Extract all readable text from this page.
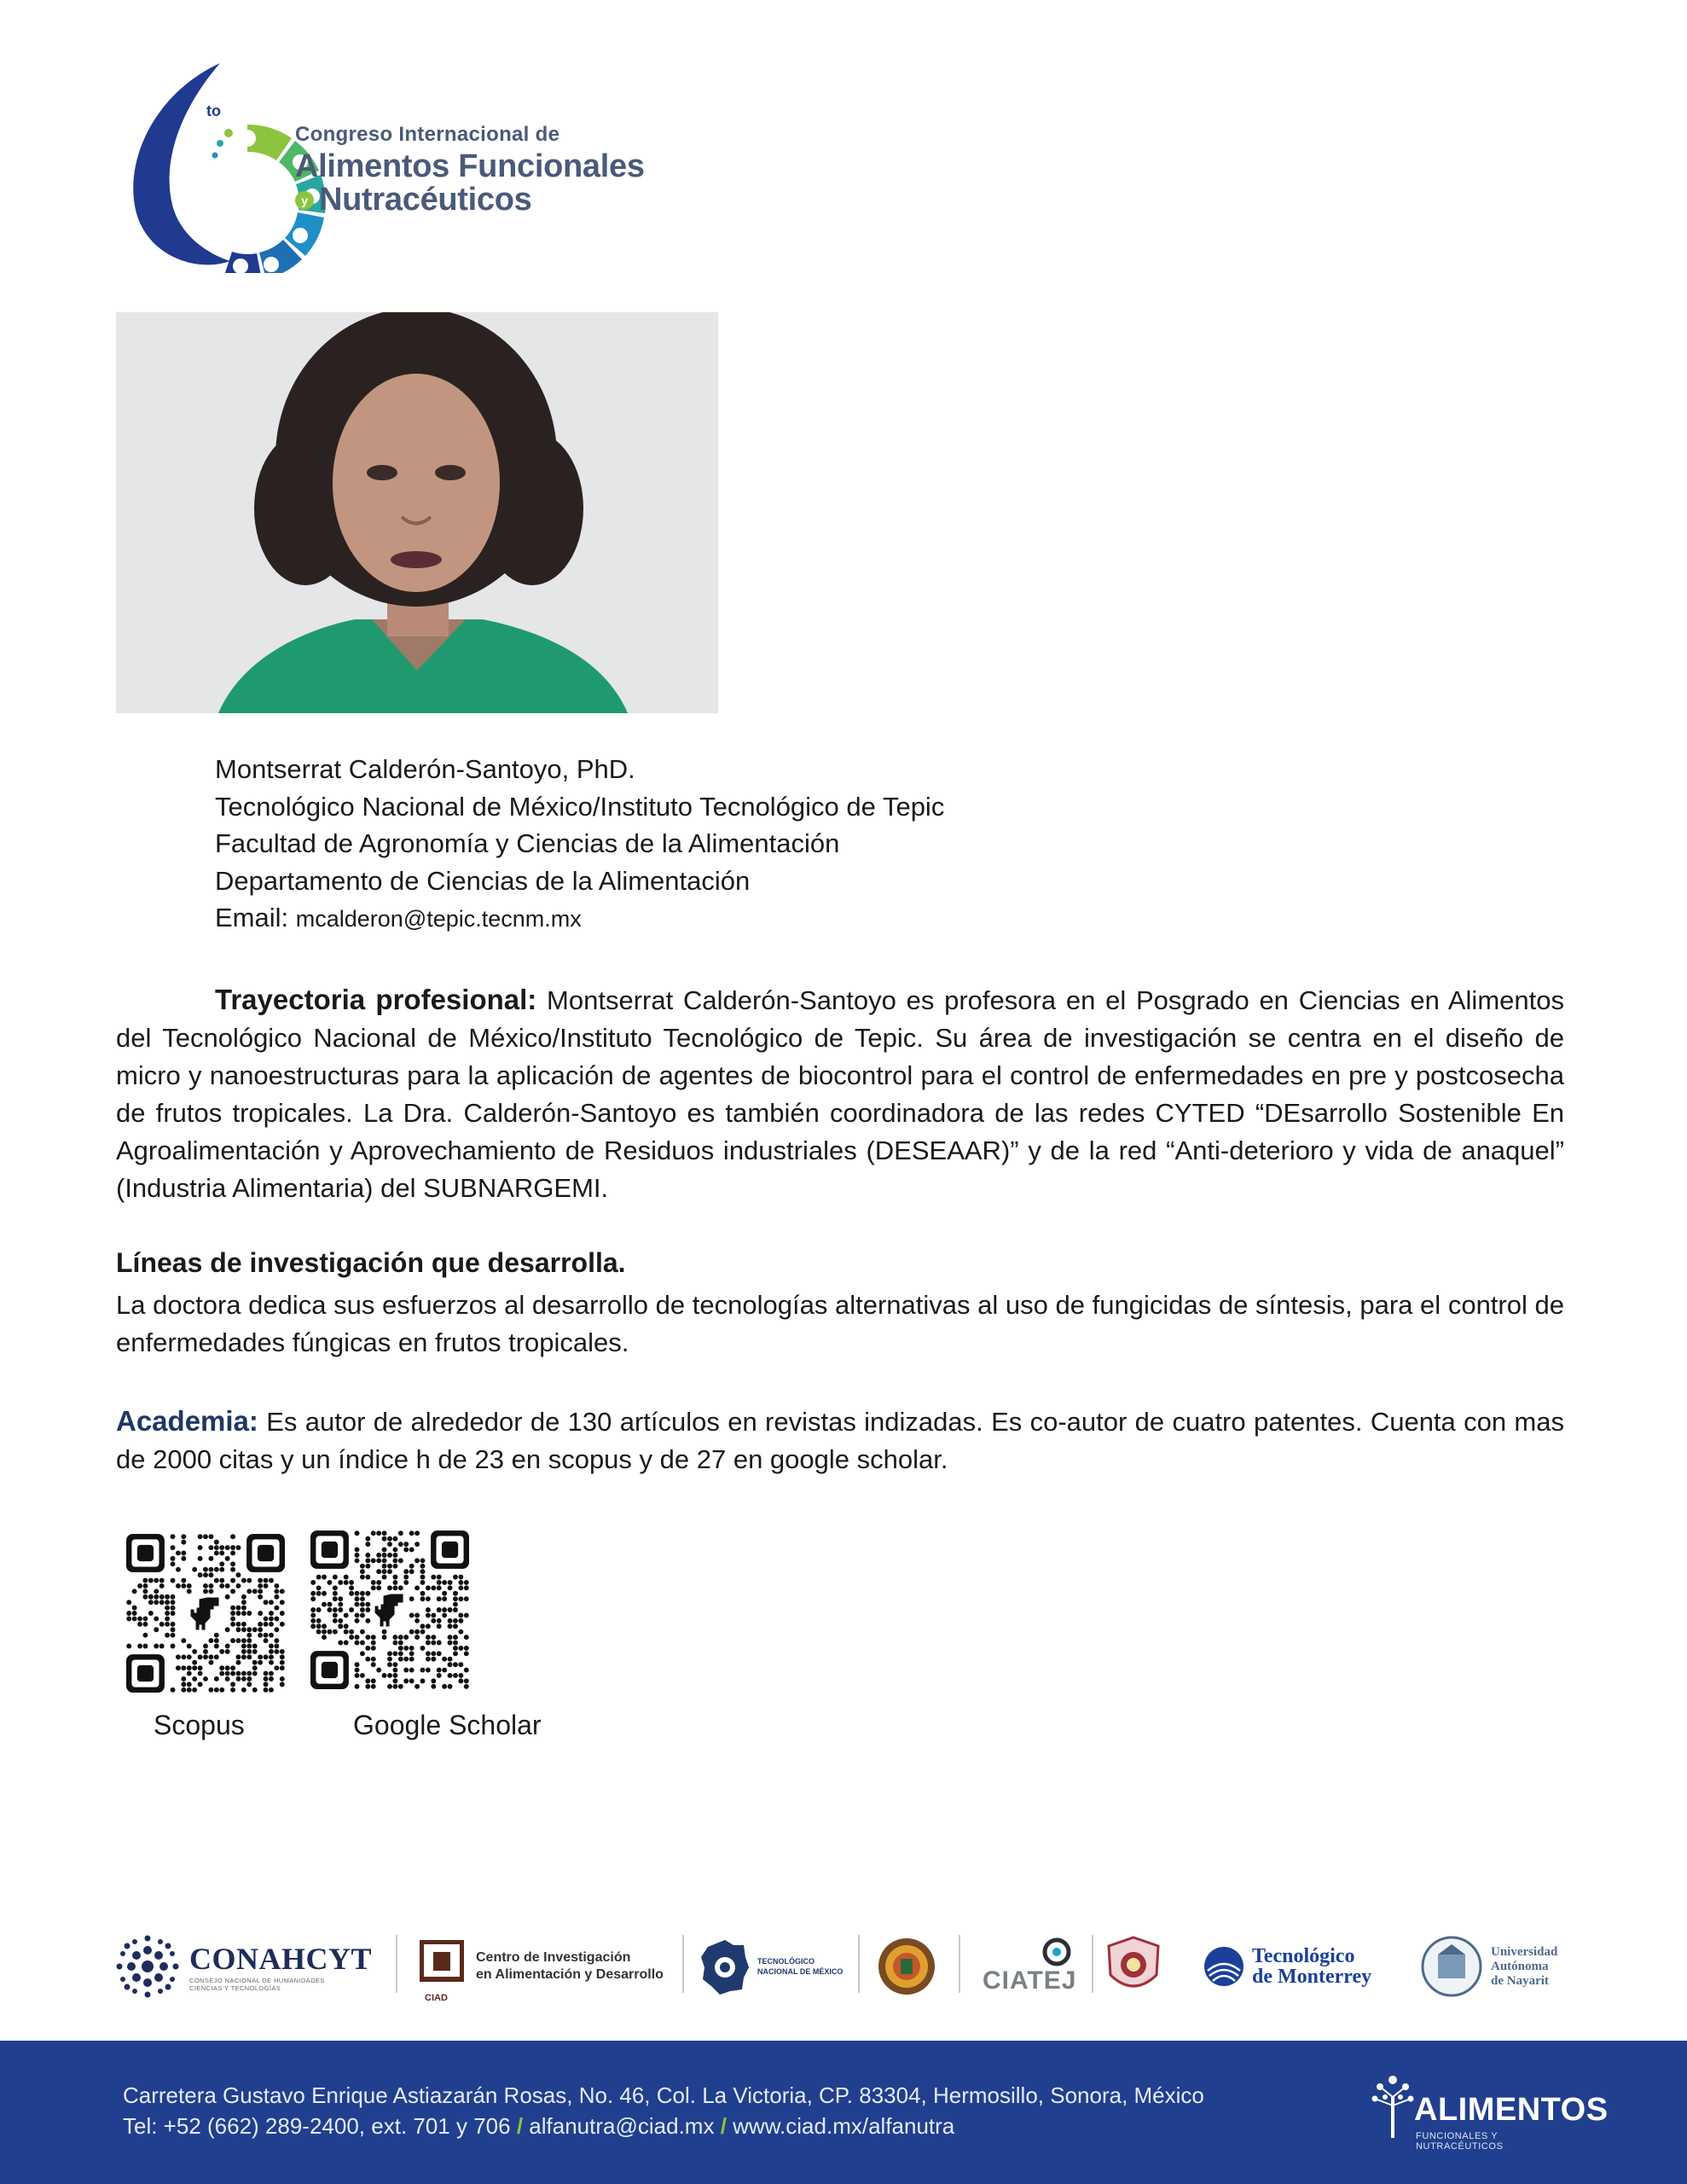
to
Congreso Internacional de
Alimentos Funcionales
y Nutracéuticos
Montserrat Calderón-Santoyo, PhD.
Tecnológico Nacional de México/Instituto Tecnológico de Tepic
Facultad de Agronomía y Ciencias de la Alimentación
Departamento de Ciencias de la Alimentación
Email: mcalderon@tepic.tecnm.mx
Trayectoria profesional: Montserrat Calderón-Santoyo es profesora en el Posgrado en Ciencias en Alimentos del Tecnológico Nacional de México/Instituto Tecnológico de Tepic. Su área de investigación se centra en el diseño de micro y nanoestructuras para la aplicación de agentes de biocontrol para el control de enfermedades en pre y postcosecha de frutos tropicales. La Dra. Calderón-Santoyo es también coordinadora de las redes CYTED “DEsarrollo Sostenible En Agroalimentación y Aprovechamiento de Residuos industriales (DESEAAR)” y de la red “Anti-deterioro y vida de anaquel” (Industria Alimentaria) del SUBNARGEMI.
Líneas de investigación que desarrolla.
La doctora dedica sus esfuerzos al desarrollo de tecnologías alternativas al uso de fungicidas de síntesis, para el control de enfermedades fúngicas en frutos tropicales.
Academia: Es autor de alrededor de 130 artículos en revistas indizadas. Es co-autor de cuatro patentes. Cuenta con mas de 2000 citas y un índice h de 23 en scopus y de 27 en google scholar.
Scopus	Google Scholar
CONAHCYT
CONSEJO NACIONAL DE HUMANIDADES
CIENCIAS Y TECNOLOGÍAS
CIAD
Centro de Investigación
en Alimentación y Desarrollo
TECNOLÓGICO
NACIONAL DE MÉXICO	CIATEJ
Tecnológico
de Monterrey
Universidad
Autónoma
de Nayarit
Carretera Gustavo Enrique Astiazarán Rosas, No. 46, Col. La Victoria, CP. 83304, Hermosillo, Sonora, México
Tel: +52 (662) 289-2400, ext. 701 y 706 / alfanutra@ciad.mx / www.ciad.mx/alfanutra	ALIMENTOS
FUNCIONALES Y NUTRACÉUTICOS
